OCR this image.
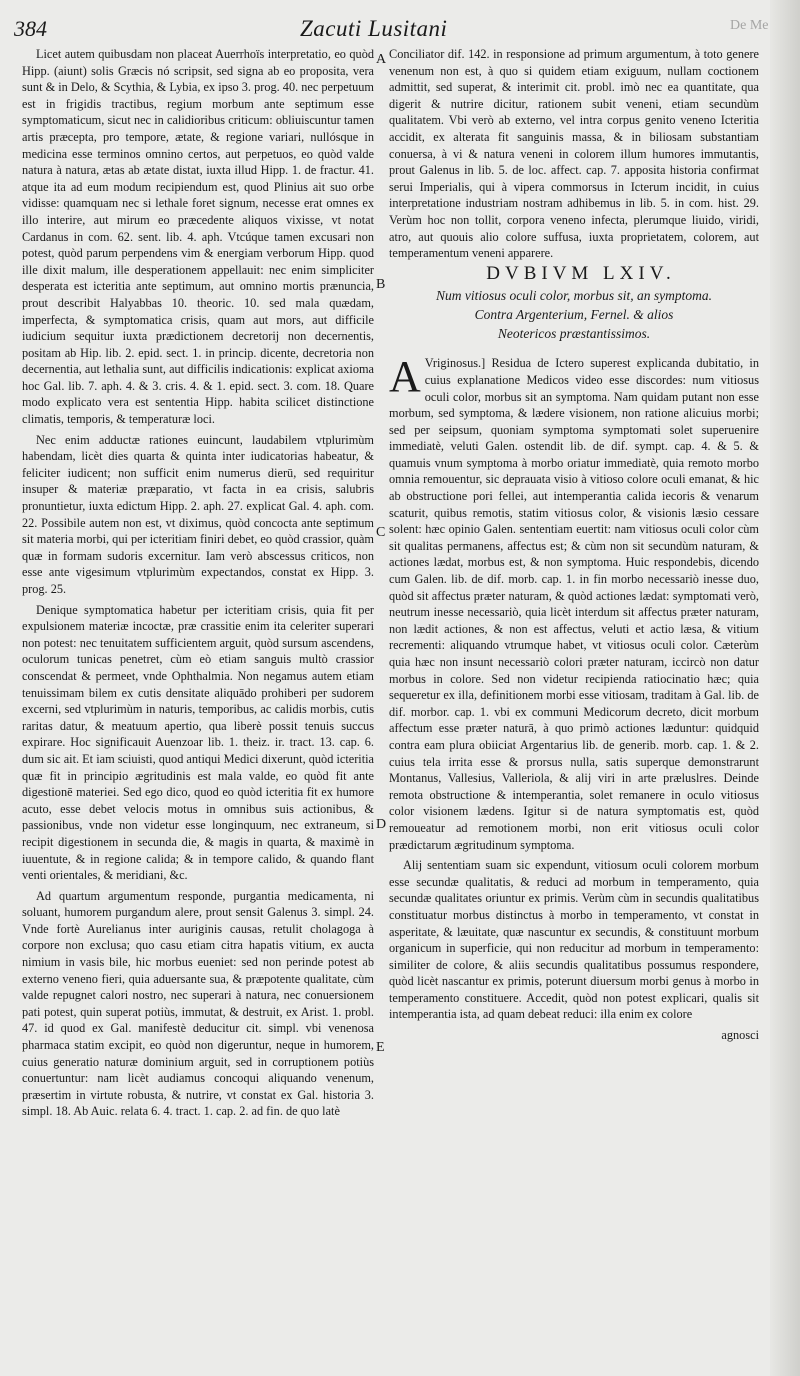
De Me
384	Zacuti Lusitani

Licet autem quibusdam non placeat Auerrhoïs interpretatio, eo quòd Hipp. (aiunt) solis Græcis nó scripsit, sed signa ab eo proposita, vera sunt & in Delo, & Scythia, & Lybia, ex ipso 3. prog. 40. nec perpetuum est in frigidis tractibus, regium morbum ante septimum esse symptomaticum, sicut nec in calidioribus criticum: obliuiscuntur tamen artis præcepta, pro tempore, ætate, & regione variari, nullósque in medicina esse terminos omnino certos, aut perpetuos, eo quòd valde natura à natura, ætas ab ætate distat, iuxta illud Hipp. 1. de fractur. 41. atque ita ad eum modum recipiendum est, quod Plinius ait suo orbe vidisse: quamquam nec si lethale foret signum, necesse erat omnes ex illo interire, aut mirum eo præcedente aliquos vixisse, vt notat Cardanus in com. 62. sent. lib. 4. aph. Vtcúque tamen excusari non potest, quòd parum perpendens vim & energiam verborum Hipp. quod ille dixit malum, ille desperationem appellauit: nec enim simpliciter desperata est icteritia ante septimum, aut omnino mortis prænuncia, prout describit Halyabbas 10. theoric. 10. sed mala quædam, imperfecta, & symptomatica crisis, quam aut mors, aut difficile iudicium sequitur iuxta prædictionem decretorij non decernentis, positam ab Hip. lib. 2. epid. sect. 1. in princip. dicente, decretoria non decernentia, aut lethalia sunt, aut difficilis indicationis: explicat axioma hoc Gal. lib. 7. aph. 4. & 3. cris. 4. & 1. epid. sect. 3. com. 18. Quare modo explicato vera est sententia Hipp. habita scilicet distinctione climatis, temporis, & temperaturæ loci.

Nec enim adductæ rationes euincunt, laudabilem vtplurimùm habendam, licèt dies quarta & quinta inter iudicatorias habeatur, & feliciter iudicent; non sufficit enim numerus dierū, sed requiritur insuper & materiæ præparatio, vt facta in ea crisis, salubris pronuntietur, iuxta edictum Hipp. 2. aph. 27. explicat Gal. 4. aph. com. 22. Possibile autem non est, vt diximus, quòd concocta ante septimum sit materia morbi, qui per icteritiam finiri debet, eo quòd crassior, quàm quæ in formam sudoris excernitur. Iam verò abscessus criticos, non esse ante vigesimum vtplurimùm expectandos, constat ex Hipp. 3. prog. 25.

Denique symptomatica habetur per icteritiam crisis, quia fit per expulsionem materiæ incoctæ, præ crassitie enim ita celeriter superari non potest: nec tenuitatem sufficientem arguit, quòd sursum ascendens, oculorum tunicas penetret, cùm eò etiam sanguis multò crassior conscendat & permeet, vnde Ophthalmia. Non negamus autem etiam tenuissimam bilem ex cutis densitate aliquādo prohiberi per sudorem excerni, sed vtplurimùm in naturis, temporibus, ac calidis morbis, cutis raritas datur, & meatuum apertio, qua liberè possit tenuis succus expirare. Hoc significauit Auenzoar lib. 1. theiz. ir. tract. 13. cap. 6. dum sic ait. Et iam sciuisti, quod antiqui Medici dixerunt, quòd icteritia quæ fit in principio ægritudinis est mala valde, eo quòd fit ante digestionē materiei. Sed ego dico, quod eo quòd icteritia fit ex humore acuto, esse debet velocis motus in omnibus suis actionibus, & passionibus, vnde non videtur esse longinquum, nec extraneum, si recipit digestionem in secunda die, & magis in quarta, & maximè in iuuentute, & in regione calida; & in tempore calido, & quando flant venti orientales, & meridiani, &c.

Ad quartum argumentum responde, purgantia medicamenta, ni soluant, humorem purgandum alere, prout sensit Galenus 3. simpl. 24. Vnde fortè Aurelianus inter auriginis causas, retulit cholagoga à corpore non exclusa; quo casu etiam citra hapatis vitium, ex aucta nimium in vasis bile, hic morbus eueniet: sed non perinde potest ab externo veneno fieri, quia aduersante sua, & præpotente qualitate, cùm valde repugnet calori nostro, nec superari à natura, nec conuersionem pati potest, quin superat potiùs, immutat, & destruit, ex Arist. 1. probl. 47. id quod ex Gal. manifestè deducitur cit. simpl. vbi venenosa pharmaca statim excipit, eo quòd non digeruntur, neque in humorem, cuius generatio naturæ dominium arguit, sed in corruptionem potiùs conuertuntur: nam licèt audiamus concoqui aliquando venenum, præsertim in virtute robusta, & nutrire, vt constat ex Gal. historia 3. simpl. 18. Ab Auic. relata 6. 4. tract. 1. cap. 2. ad fin. de quo latè

A
B
C
D
E

Conciliator dif. 142. in responsione ad primum argumentum, à toto genere venenum non est, à quo si quidem etiam exiguum, nullam coctionem admittit, sed superat, & interimit cit. probl. imò nec ea quantitate, qua digerit & nutrire dicitur, rationem subit veneni, etiam secundùm qualitatem. Vbi verò ab externo, vel intra corpus genito veneno Icteritia accidit, ex alterata fit sanguinis massa, & in biliosam substantiam conuersa, à vi & natura veneni in colorem illum humores immutantis, prout Galenus in lib. 5. de loc. affect. cap. 7. apposita historia confirmat serui Imperialis, qui à vipera commorsus in Icterum incidit, in cuius interpretatione industriam nostram adhibemus in lib. 5. in com. hist. 29. Verùm hoc non tollit, corpora veneno infecta, plerumque liuido, viridi, atro, aut quouis alio colore suffusa, iuxta proprietatem, colorem, aut temperamentum veneni apparere.

DVBIVM LXIV.

Num vitiosus oculi color, morbus sit, an symptoma.
Contra Argenterium, Fernel. & alios
Neotericos præstantissimos.

A Vriginosus.] Residua de Ictero superest explicanda dubitatio, in cuius explanatione Medicos video esse discordes: num vitiosus oculi color, morbus sit an symptoma. Nam quidam putant non esse morbum, sed symptoma, & lædere visionem, non ratione alicuius morbi; sed per seipsum, quoniam symptoma symptomati solet superuenire immediatè, veluti Galen. ostendit lib. de dif. sympt. cap. 4. & 5. & quamuis vnum symptoma à morbo oriatur immediatè, quia remoto morbo omnia remouentur, sic deprauata visio à vitioso colore oculi emanat, & hic ab obstructione pori fellei, aut intemperantia calida iecoris & venarum scaturit, quibus remotis, statim vitiosus color, & visionis læsio cessare solent: hæc opinio Galen. sententiam euertit: nam vitiosus oculi color cùm sit qualitas permanens, affectus est; & cùm non sit secundùm naturam, & actiones lædat, morbus est, & non symptoma. Huic respondebis, dicendo cum Galen. lib. de dif. morb. cap. 1. in fin morbo necessariò inesse duo, quòd sit affectus præter naturam, & quòd actiones lædat: symptomati verò, neutrum inesse necessariò, quia licèt interdum sit affectus præter naturam, non lædit actiones, & non est affectus, veluti et actio læsa, & vitium recrementi: aliquando vtrumque habet, vt vitiosus oculi color. Cæterùm quia hæc non insunt necessariò colori præter naturam, iccircò non datur morbus in colore. Sed non videtur recipienda ratiocinatio hæc; quia sequeretur ex illa, definitionem morbi esse vitiosam, traditam à Gal. lib. de dif. morbor. cap. 1. vbi ex communi Medicorum decreto, dicit morbum affectum esse præter naturā, à quo primò actiones læduntur: quidquid contra eam plura obiiciat Argentarius lib. de generib. morb. cap. 1. & 2. cuius tela irrita esse & prorsus nulla, satis superque demonstrarunt Montanus, Vallesius, Valleriola, & alij viri in arte præluslres. Deinde remota obstructione & intemperantia, solet remanere in oculo vitiosus color visionem lædens. Igitur si de natura symptomatis est, quòd remoueatur ad remotionem morbi, non erit vitiosus oculi color prædictarum ægritudinum symptoma.

Alij sententiam suam sic expendunt, vitiosum oculi colorem morbum esse secundæ qualitatis, & reduci ad morbum in temperamento, quia secundæ qualitates oriuntur ex primis. Verùm cùm in secundis qualitatibus constituatur morbus distinctus à morbo in temperamento, vt constat in asperitate, & læuitate, quæ nascuntur ex secundis, & constituunt morbum organicum in superficie, qui non reducitur ad morbum in temperamento: similiter de colore, & aliis secundis qualitatibus possumus respondere, quòd licèt nascantur ex primis, poterunt diuersum morbi genus à morbo in temperamento constituere. Accedit, quòd non potest explicari, qualis sit intemperantia ista, ad quam debeat reduci: illa enim ex colore

agnosci
